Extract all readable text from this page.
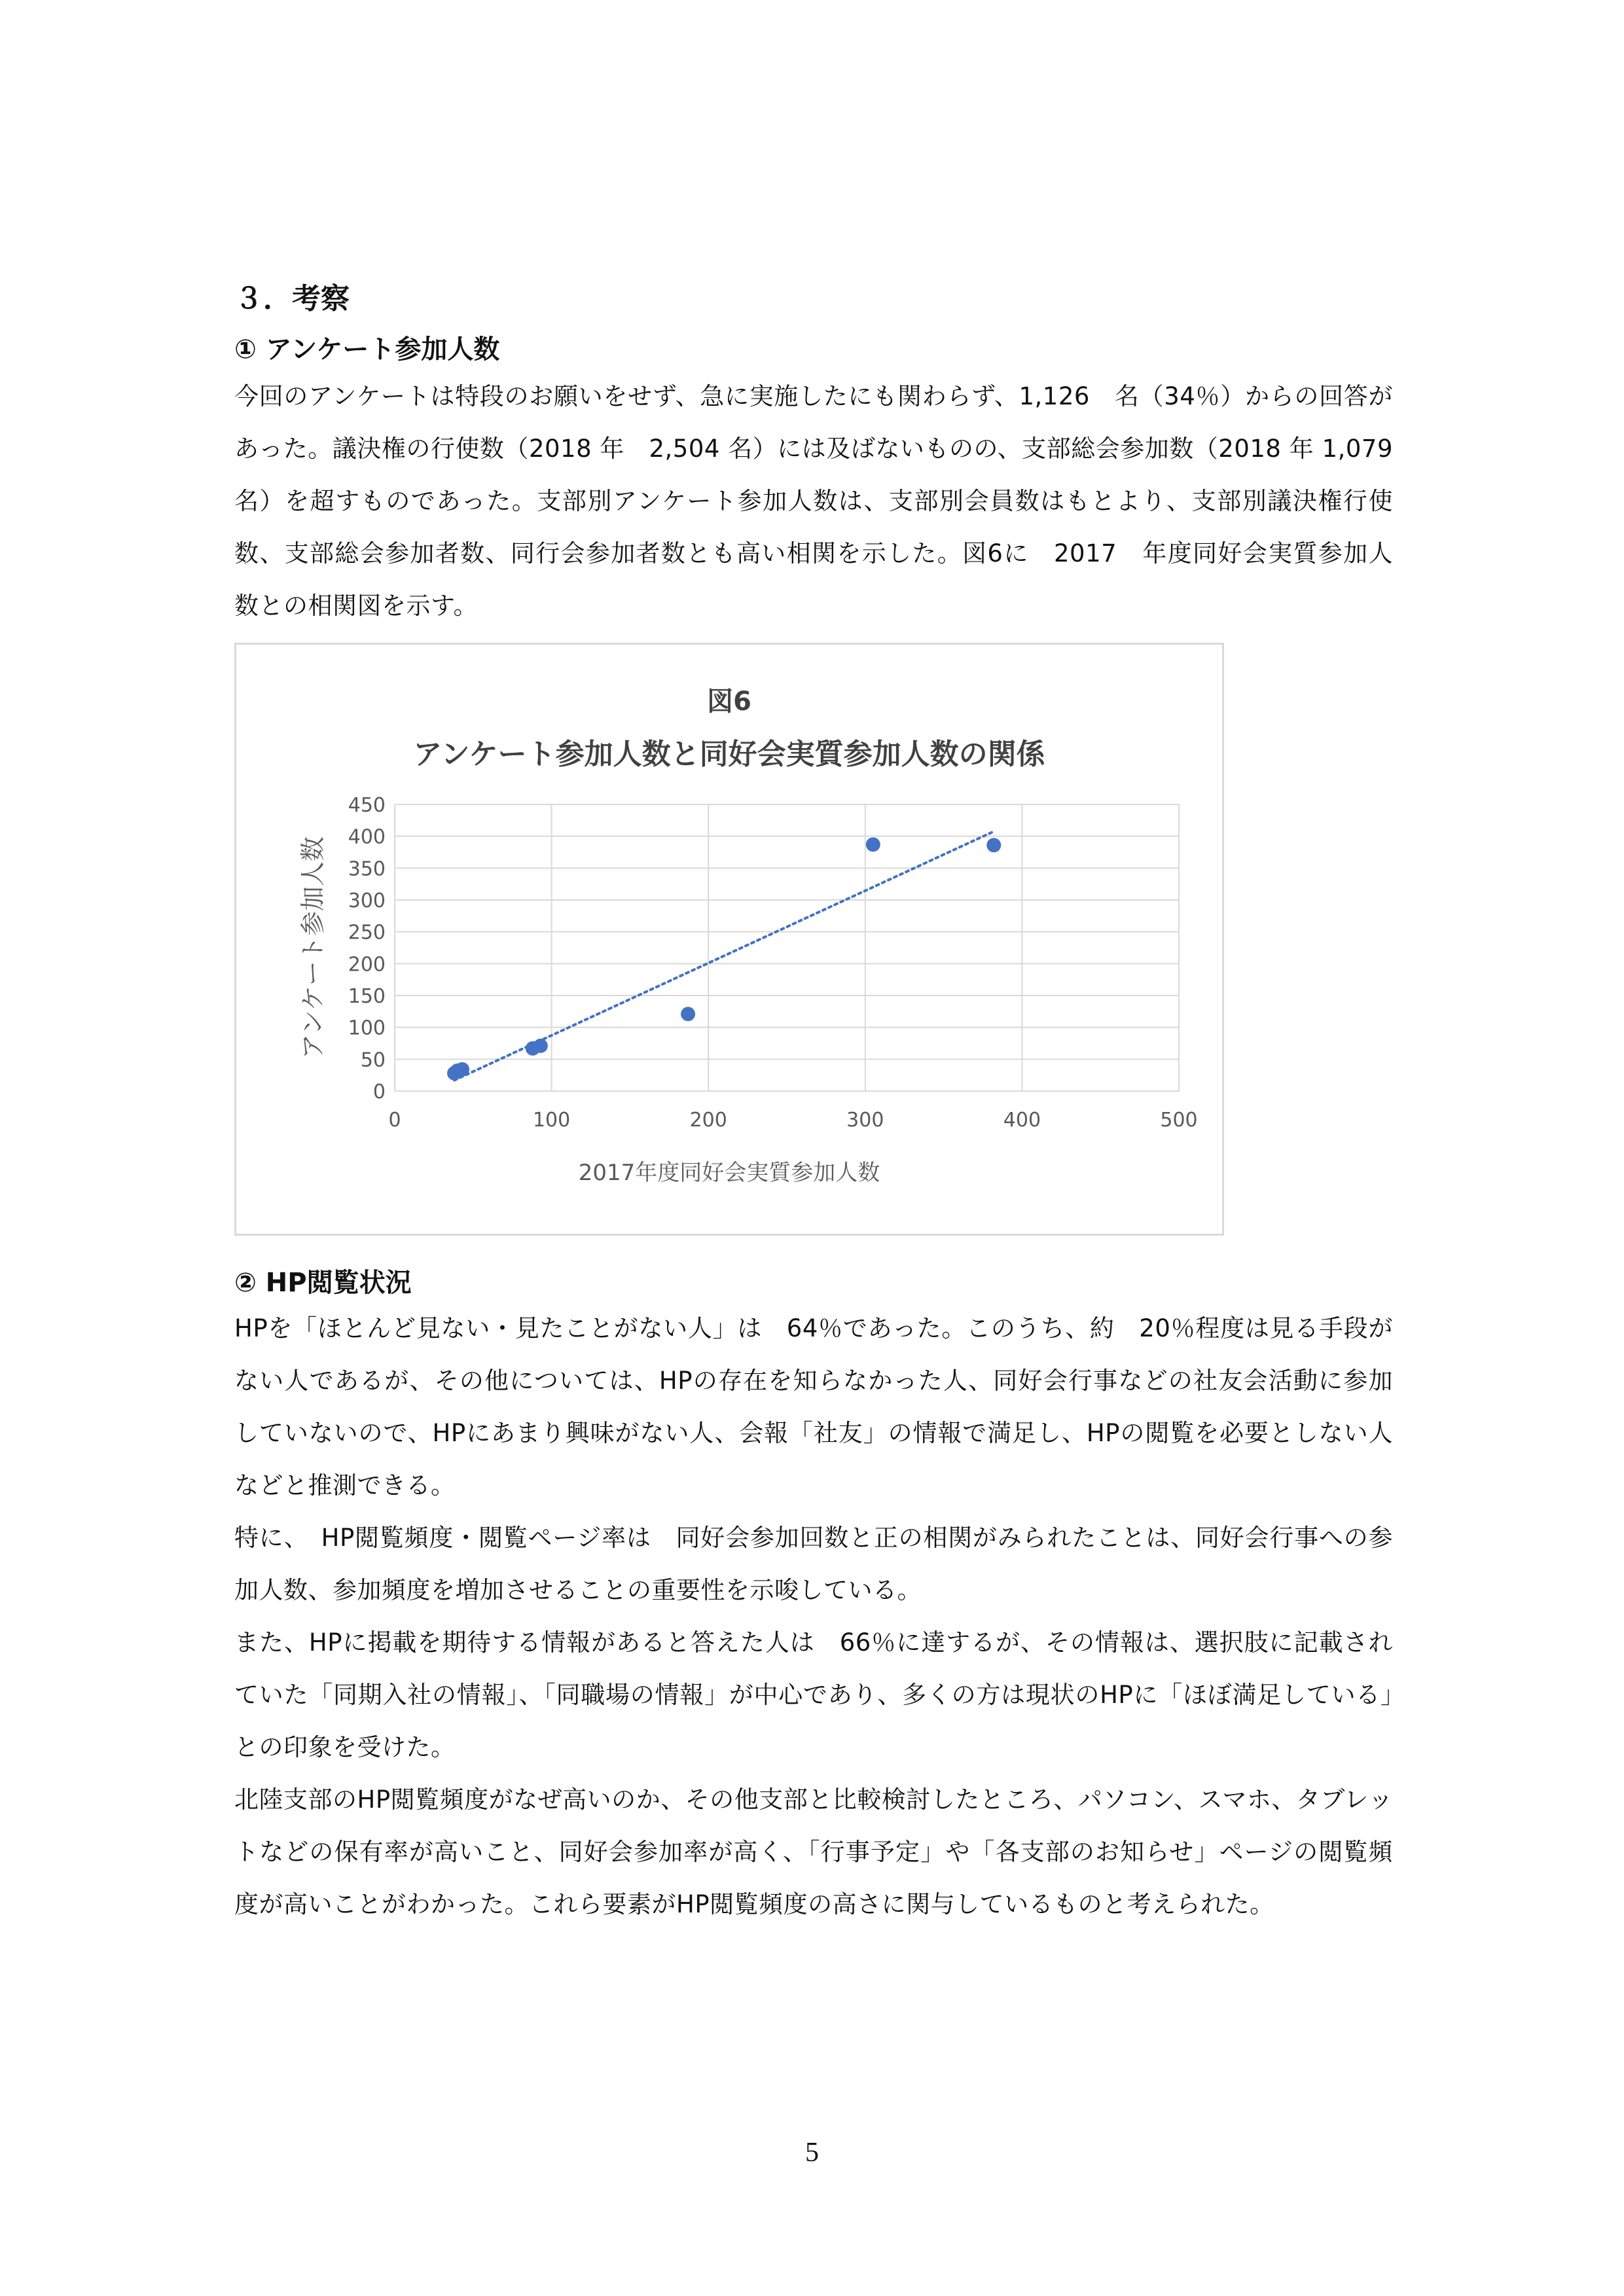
３．考察
① アンケート参加人数

今回のアンケートは特段のお願いをせず、急に実施したにも関わらず、1,126　名（34％）からの回答があった。議決権の行使数（2018 年　2,504 名）には及ばないものの、支部総会参加数（2018 年 1,079 名）を超すものであった。支部別アンケート参加人数は、支部別会員数はもとより、支部別議決権行使数、支部総会参加者数、同行会参加者数とも高い相関を示した。図6に　2017　年度同好会実質参加人数との相関図を示す。

図6
アンケート参加人数と同好会実質参加人数の関係
0
50
100
150
200
250
300
350
400
450
0	100	200	300	400	500
2017年度同好会実質参加人数
アンケート参加人数
② HP閲覧状況

HPを「ほとんど見ない・見たことがない人」は　64％であった。このうち、約　20％程度は見る手段がない人であるが、その他については、HPの存在を知らなかった人、同好会行事などの社友会活動に参加していないので、HPにあまり興味がない人、会報「社友」の情報で満足し、HPの閲覧を必要としない人などと推測できる。

特に、　HP閲覧頻度・閲覧ページ率は　同好会参加回数と正の相関がみられたことは、同好会行事への参加人数、参加頻度を増加させることの重要性を示唆している。

また、HPに掲載を期待する情報があると答えた人は　66％に達するが、その情報は、選択肢に記載されていた「同期入社の情報」、「同職場の情報」が中心であり、多くの方は現状のHPに「ほぼ満足している」との印象を受けた。

北陸支部のHP閲覧頻度がなぜ高いのか、その他支部と比較検討したところ、パソコン、スマホ、タブレットなどの保有率が高いこと、同好会参加率が高く、「行事予定」や「各支部のお知らせ」ページの閲覧頻度が高いことがわかった。これら要素がHP閲覧頻度の高さに関与しているものと考えられた。

5
